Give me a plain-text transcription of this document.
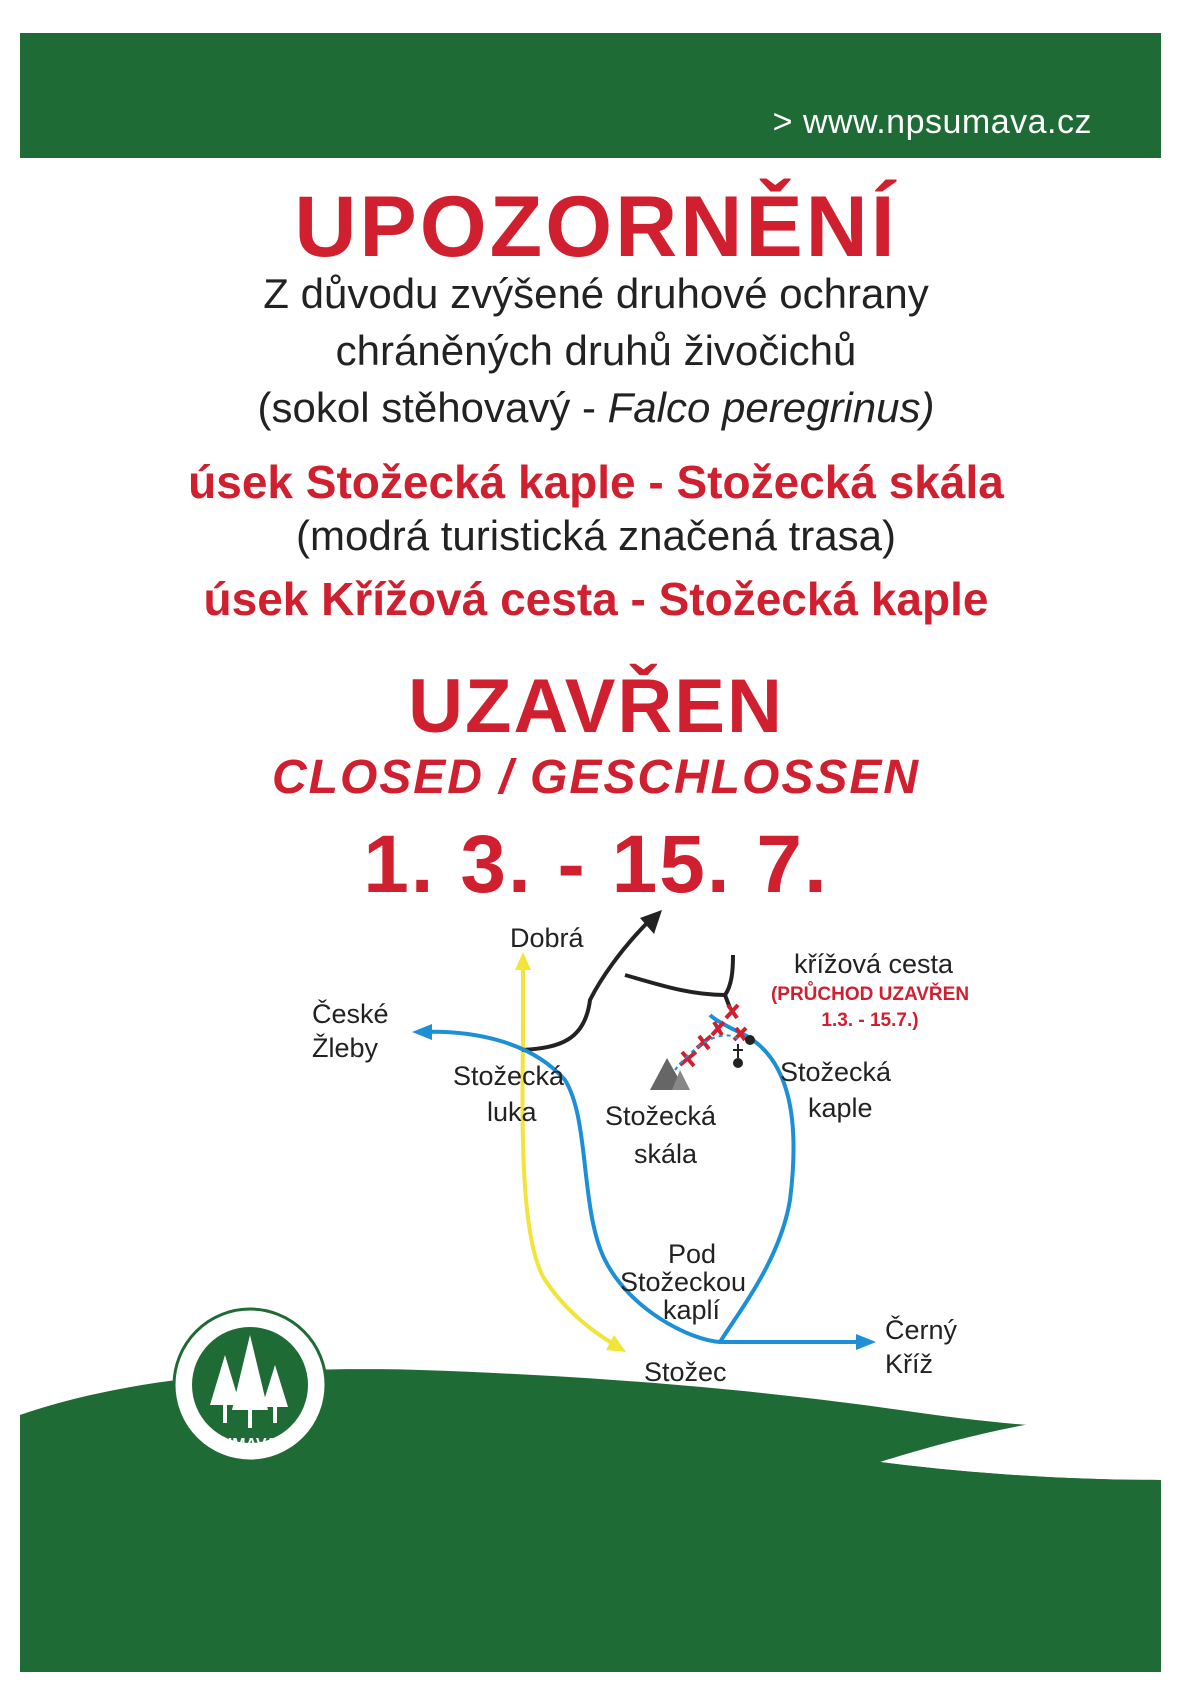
> www.npsumava.cz
UPOZORNĚNÍ
Z důvodu zvýšené druhové ochrany
chráněných druhů živočichů
(sokol stěhovavý - Falco peregrinus)
úsek Stožecká kaple - Stožecká skála
(modrá turistická značená trasa)
úsek Křížová cesta - Stožecká kaple
UZAVŘEN
CLOSED / GESCHLOSSEN
1. 3. - 15. 7.
Dobrá
České
Žleby
Stožecká
luka	Stožecká
skála
křížová cesta
(PRŮCHOD UZAVŘEN
1.3. - 15.7.)
Stožecká
kaple
Pod
Stožeckou
kaplí
Stožec
Černý
Kříž
ŠUMAVA
